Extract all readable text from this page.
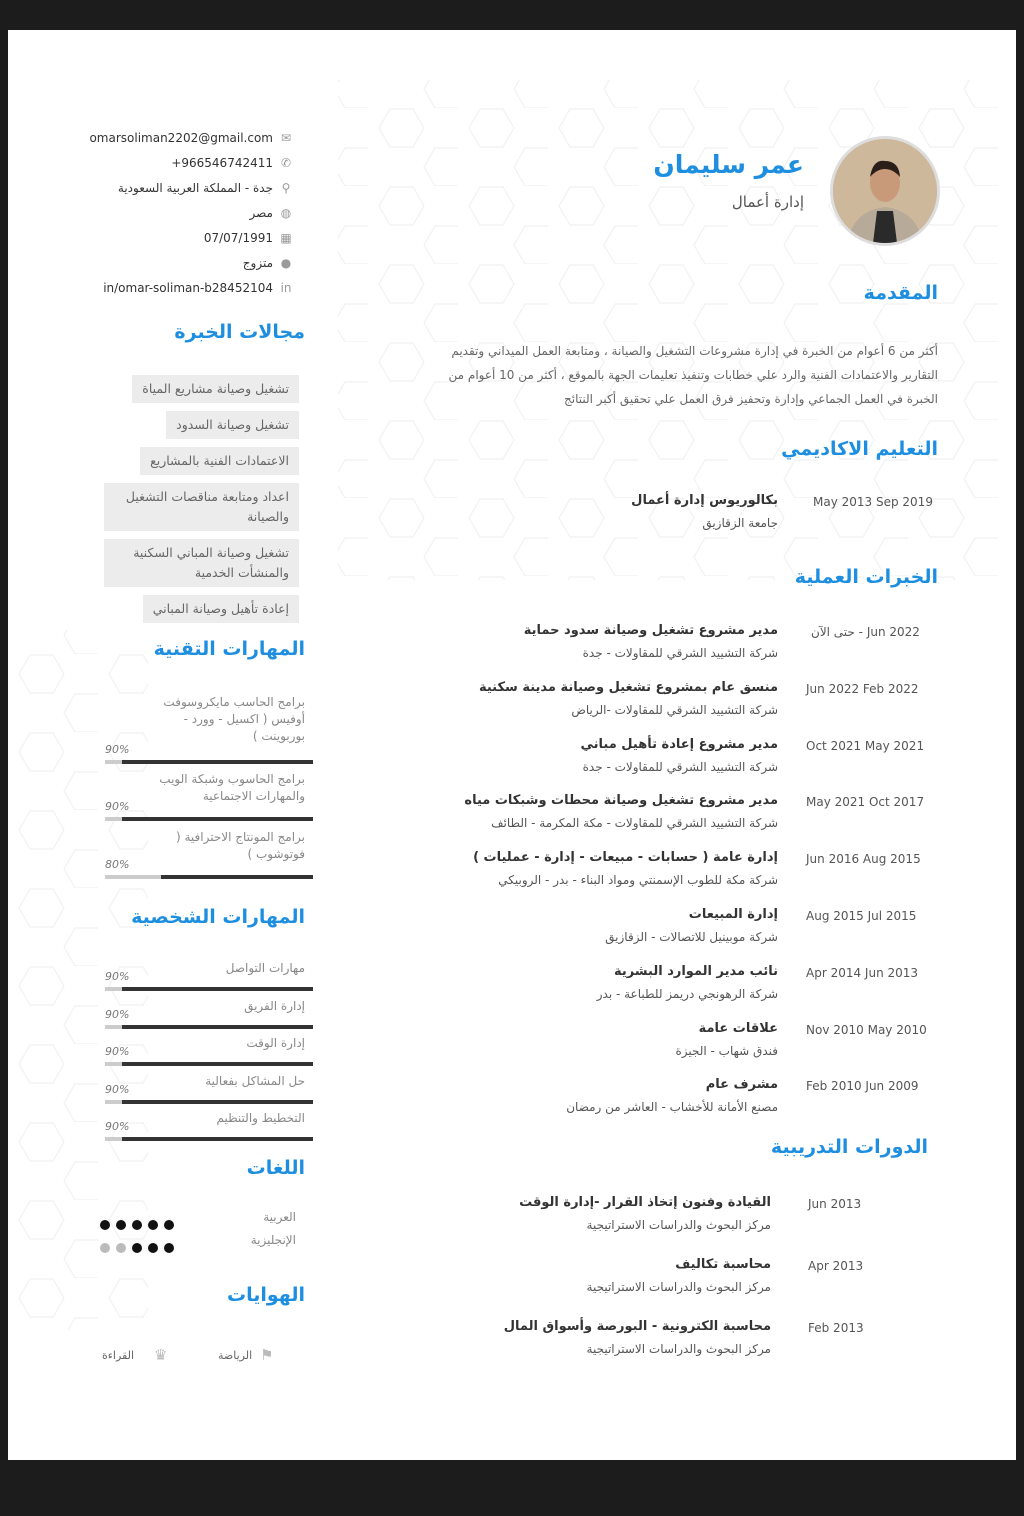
عمر سليمان
إدارة أعمال
مجالات الخبرة
تشغيل وصيانة مشاريع المياة
تشغيل وصيانة السدود
الاعتمادات الفنية بالمشاريع
اعداد ومتابعة مناقصات التشغيل والصيانة
تشغيل وصيانة المباني السكنية والمنشأت الخدمية
إعادة تأهيل وصيانة المباني
المهارات التقنية
المهارات الشخصية
اللغات
الهوايات
الرياضة ⚑
القراءة ♛
المقدمة
أكثر من 6 أعوام من الخبرة في إدارة مشروعات التشغيل والصيانة ، ومتابعة العمل الميداني وتقديم التقارير والاعتمادات الفنية والرد علي خطابات وتنفيذ تعليمات الجهة بالموقع ، أكثر من 10 أعوام من الخبرة في العمل الجماعي وإدارة وتحفيز فرق العمل علي تحقيق أكبر النتائج
التعليم الاكاديمي
الخبرات العملية
الدورات التدريبية
✉
omarsoliman2202@gmail.com
✆
+966546742411
⚲
جدة - المملكة العربية السعودية
◍
مصر
▦
07/07/1991
●
متزوج
in
in/omar-soliman-b28452104
برامج الحاسب مايكروسوفت أوفيس ( اكسيل - وورد - بوربوينت )
90%
برامج الحاسوب وشبكة الويب والمهارات الاجتماعية
90%
برامج المونتاج الاحترافية ( فوتوشوب )
80%
مهارات التواصل
90%
إدارة الفريق
90%
إدارة الوقت
90%
حل المشاكل بفعالية
90%
التخطيط والتنظيم
90%
العربية
الإنجليزية
May 2013 Sep 2019
بكالوريوس إدارة أعمال
جامعة الزقازيق
حتى الآن - Jun 2022
مدير مشروع تشغيل وصيانة سدود حماية
شركة التشييد الشرقي للمقاولات - جدة
Jun 2022 Feb 2022
منسق عام بمشروع تشغيل وصيانة مدينة سكنية
شركة التشييد الشرقي للمقاولات -الرياض
Oct 2021 May 2021
مدير مشروع إعادة تأهيل مباني
شركة التشييد الشرقي للمقاولات - جدة
May 2021 Oct 2017
مدير مشروع تشغيل وصيانة محطات وشبكات مياه
شركة التشييد الشرقي للمقاولات - مكة المكرمة - الطائف
Jun 2016 Aug 2015
إدارة عامة ( حسابات - مبيعات - إدارة - عمليات )
شركة مكة للطوب الإسمنتي ومواد البناء - بدر - الروبيكي
Aug 2015 Jul 2015
إدارة المبيعات
شركة موبينيل للاتصالات - الزقازيق
Apr 2014 Jun 2013
نائب مدير الموارد البشرية
شركة الرهونجي دريمز للطباعة - بدر
Nov 2010 May 2010
علاقات عامة
فندق شهاب - الجيزة
Feb 2010 Jun 2009
مشرف عام
مصنع الأمانة للأخشاب - العاشر من رمضان
Jun 2013
القيادة وفنون إتخاذ القرار -إدارة الوقت
مركز البحوث والدراسات الاستراتيجية
Apr 2013
محاسبة تكاليف
مركز البحوث والدراسات الاستراتيجية
Feb 2013
محاسبة الكترونية - البورصة وأسواق المال
مركز البحوث والدراسات الاستراتيجية
